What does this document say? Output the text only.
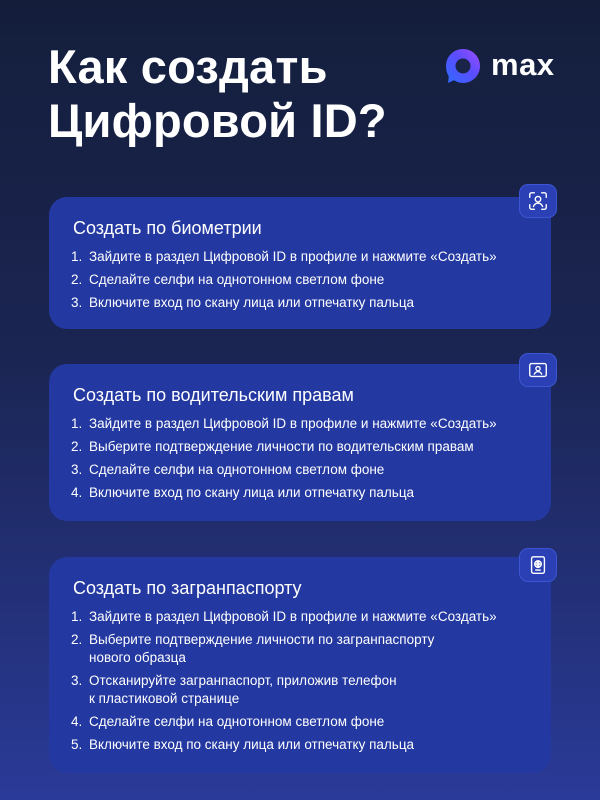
Как создать
Цифровой ID?
max
Создать по биометрии
1. Зайдите в раздел Цифровой ID в профиле и нажмите «Создать»
2. Сделайте селфи на однотонном светлом фоне
3. Включите вход по скану лица или отпечатку пальца
Создать по водительским правам
1. Зайдите в раздел Цифровой ID в профиле и нажмите «Создать»
2. Выберите подтверждение личности по водительским правам
3. Сделайте селфи на однотонном светлом фоне
4. Включите вход по скану лица или отпечатку пальца
Создать по загранпаспорту
1. Зайдите в раздел Цифровой ID в профиле и нажмите «Создать»
2. Выберите подтверждение личности по загранпаспорту
нового образца
3. Отсканируйте загранпаспорт, приложив телефон
к пластиковой странице
4. Сделайте селфи на однотонном светлом фоне
5. Включите вход по скану лица или отпечатку пальца
